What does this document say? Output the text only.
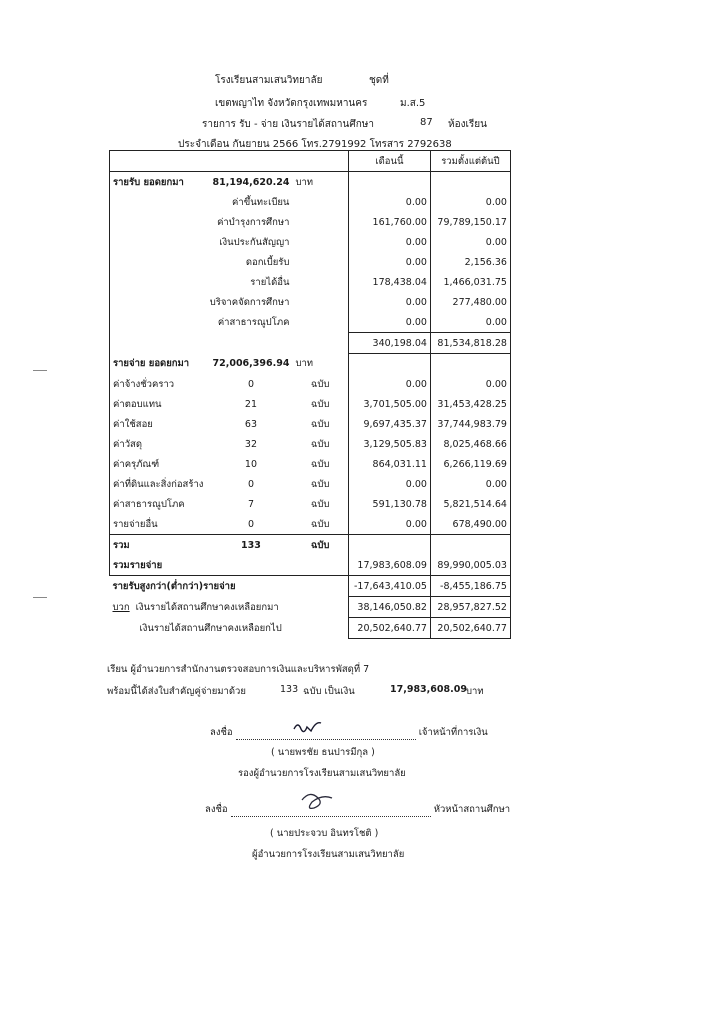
โรงเรียนสามเสนวิทยาลัย	ชุดที่
เขตพญาไท จังหวัดกรุงเทพมหานคร	ม.ส.5
รายการ รับ - จ่าย เงินรายได้สถานศึกษา	87 ห้องเรียน
ประจำเดือน กันยายน 2566 โทร.2791992 โทรสาร 2792638
			เดือนนี้	รวมตั้งแต่ต้นปี
รายรับ ยอดยกมา	81,194,620.24	บาท		
ค่าขึ้นทะเบียน			0.00	0.00
ค่าบำรุงการศึกษา			161,760.00	79,789,150.17
เงินประกันสัญญา			0.00	0.00
ดอกเบี้ยรับ			0.00	2,156.36
รายได้อื่น			178,438.04	1,466,031.75
บริจาคจัดการศึกษา			0.00	277,480.00
ค่าสาธารณูปโภค			0.00	0.00
			340,198.04	81,534,818.28
รายจ่าย ยอดยกมา	72,006,396.94	บาท		
ค่าจ้างชั่วคราว	0	ฉบับ	0.00	0.00
ค่าตอบแทน	21	ฉบับ	3,701,505.00	31,453,428.25
ค่าใช้สอย	63	ฉบับ	9,697,435.37	37,744,983.79
ค่าวัสดุ	32	ฉบับ	3,129,505.83	8,025,468.66
ค่าครุภัณฑ์	10	ฉบับ	864,031.11	6,266,119.69
ค่าที่ดินและสิ่งก่อสร้าง	0	ฉบับ	0.00	0.00
ค่าสาธารณูปโภค	7	ฉบับ	591,130.78	5,821,514.64
รายจ่ายอื่น	0	ฉบับ	0.00	678,490.00
รวม	133	ฉบับ		
รวมรายจ่าย			17,983,608.09	89,990,005.03
รายรับสูงกว่า(ต่ำกว่า)รายจ่าย			-17,643,410.05	-8,455,186.75
บวก เงินรายได้สถานศึกษาคงเหลือยกมา			38,146,050.82	28,957,827.52
เงินรายได้สถานศึกษาคงเหลือยกไป			20,502,640.77	20,502,640.77
เรียน ผู้อำนวยการสำนักงานตรวจสอบการเงินและบริหารพัสดุที่ 7
พร้อมนี้ได้ส่งใบสำคัญคู่จ่ายมาด้วย	133 ฉบับ เป็นเงิน	17,983,608.09 บาท
ลงชื่อ	เจ้าหน้าที่การเงิน
( นายพรชัย ธนปารมีกุล )
รองผู้อำนวยการโรงเรียนสามเสนวิทยาลัย
ลงชื่อ	หัวหน้าสถานศึกษา
( นายประจวบ อินทรโชติ )
ผู้อำนวยการโรงเรียนสามเสนวิทยาลัย
